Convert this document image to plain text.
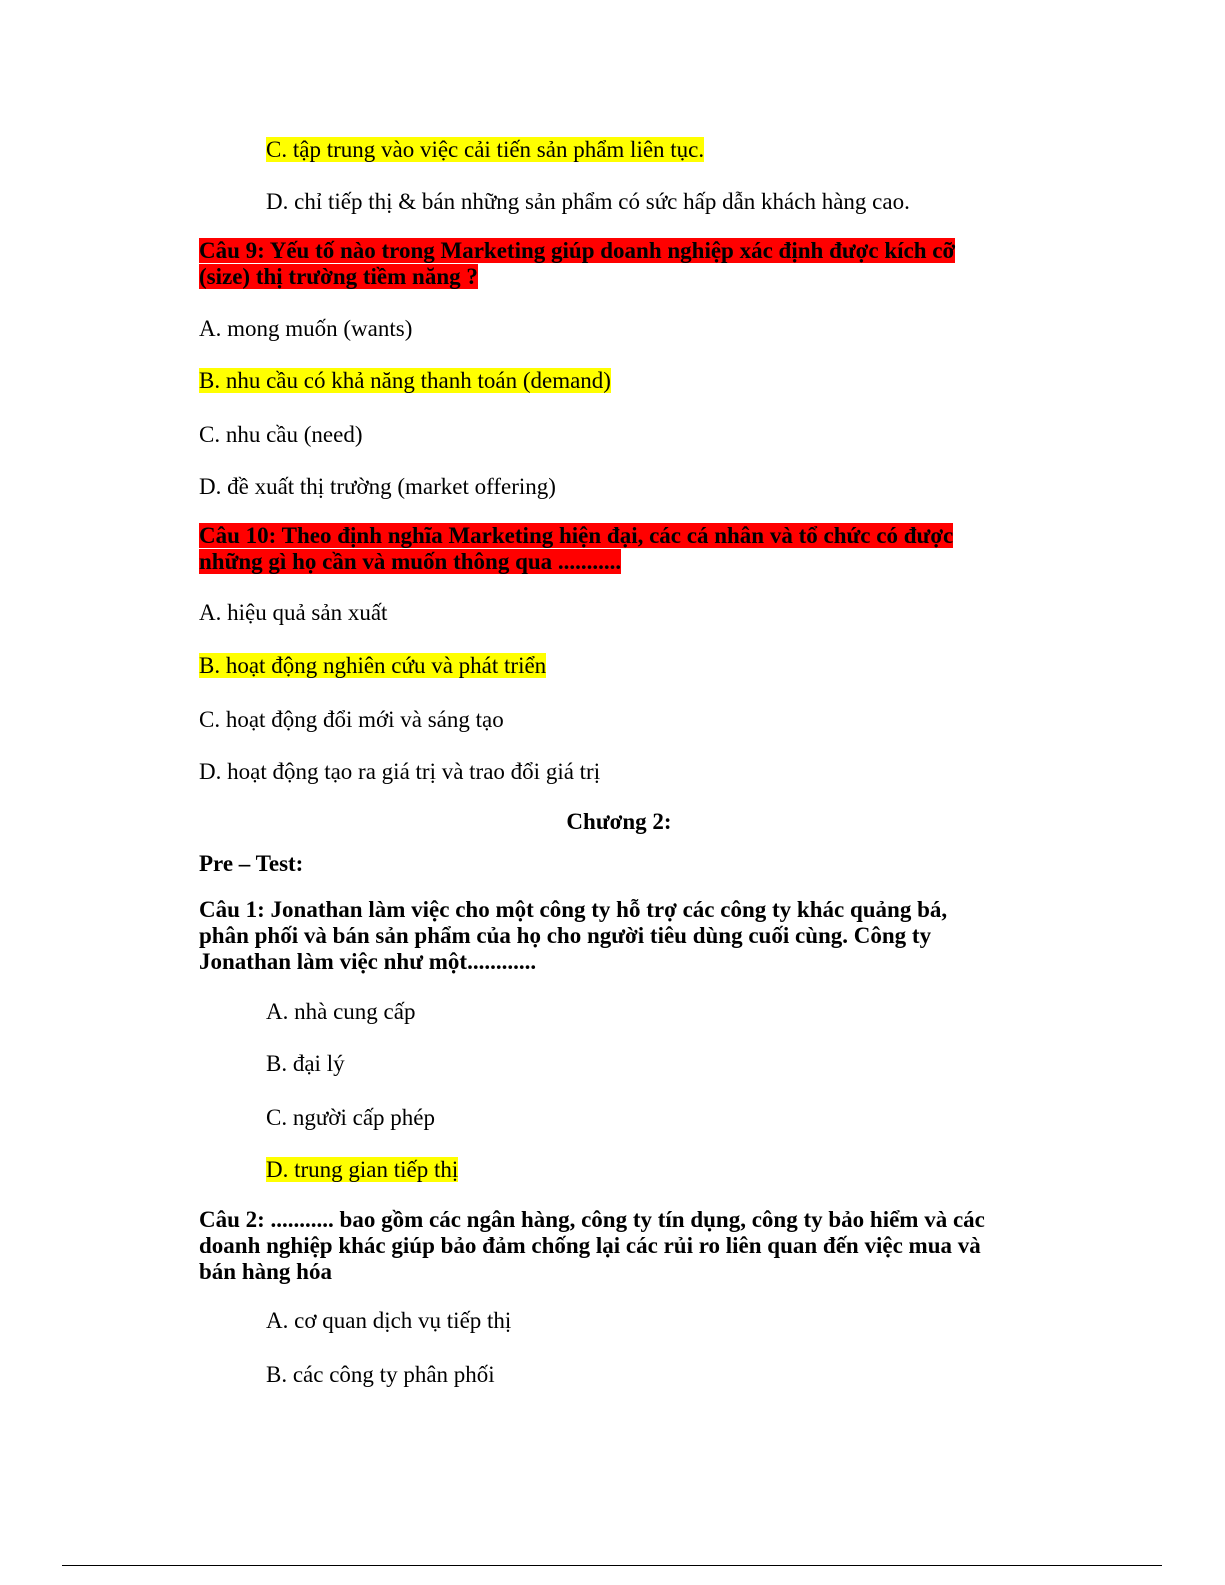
C. tập trung vào việc cải tiến sản phẩm liên tục.
D. chỉ tiếp thị & bán những sản phẩm có sức hấp dẫn khách hàng cao.
Câu 9: Yếu tố nào trong Marketing giúp doanh nghiệp xác định được kích cỡ
(size) thị trường tiềm năng ?
A. mong muốn (wants)
B. nhu cầu có khả năng thanh toán (demand)
C. nhu cầu (need)
D. đề xuất thị trường (market offering)
Câu 10: Theo định nghĩa Marketing hiện đại, các cá nhân và tổ chức có được
những gì họ cần và muốn thông qua ...........
A. hiệu quả sản xuất
B. hoạt động nghiên cứu và phát triển
C. hoạt động đổi mới và sáng tạo
D. hoạt động tạo ra giá trị và trao đổi giá trị
Chương 2:
Pre – Test:
Câu 1: Jonathan làm việc cho một công ty hỗ trợ các công ty khác quảng bá,
phân phối và bán sản phẩm của họ cho người tiêu dùng cuối cùng. Công ty
Jonathan làm việc như một............
A. nhà cung cấp
B. đại lý
C. người cấp phép
D. trung gian tiếp thị
Câu 2: ........... bao gồm các ngân hàng, công ty tín dụng, công ty bảo hiểm và các
doanh nghiệp khác giúp bảo đảm chống lại các rủi ro liên quan đến việc mua và
bán hàng hóa
A. cơ quan dịch vụ tiếp thị
B. các công ty phân phối
